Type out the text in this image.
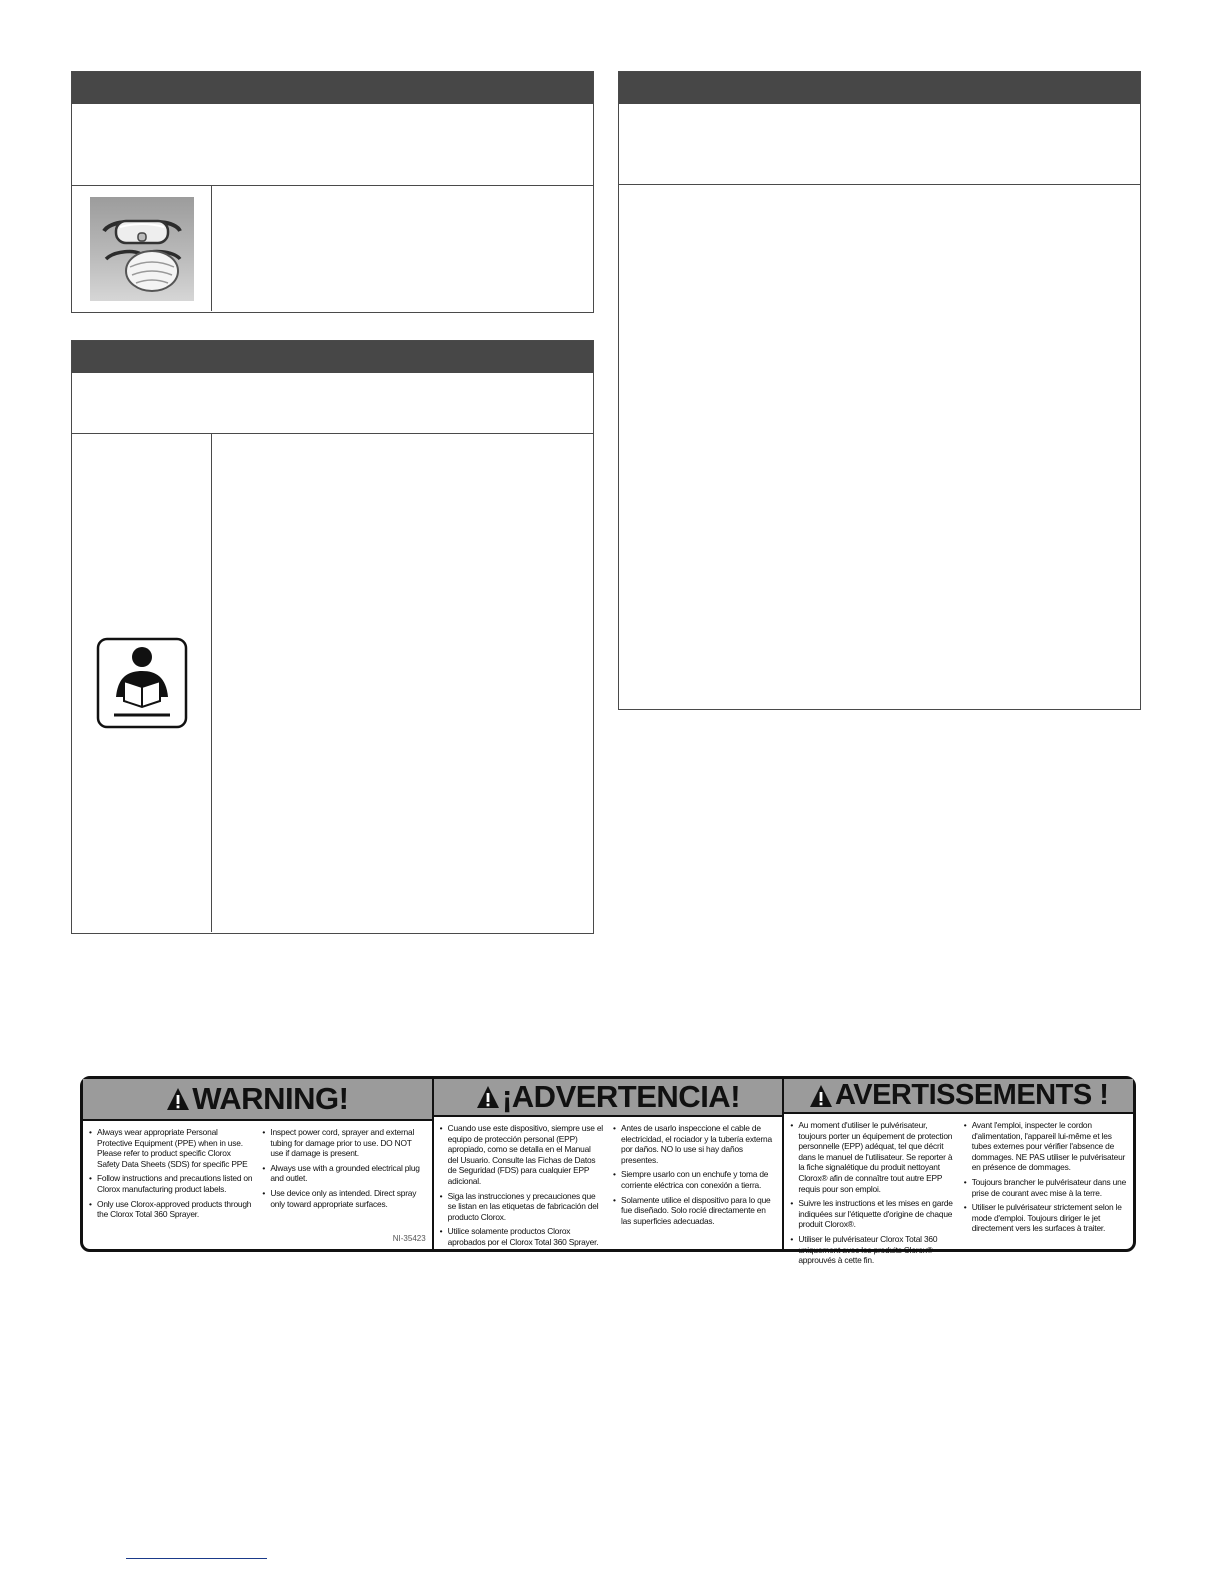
WARNING!
• Always wear appropriate Personal Protective Equipment (PPE) when in use. Please refer to product specific Clorox Safety Data Sheets (SDS) for specific PPE
• Follow instructions and precautions listed on Clorox manufacturing product labels.
• Only use Clorox-approved products through the Clorox Total 360 Sprayer.
• Inspect power cord, sprayer and external tubing for damage prior to use. DO NOT use if damage is present.
• Always use with a grounded electrical plug and outlet.
• Use device only as intended. Direct spray only toward appropriate surfaces.
NI-35423
¡ADVERTENCIA!
• Cuando use este dispositivo, siempre use el equipo de protección personal (EPP) apropiado, como se detalla en el Manual del Usuario. Consulte las Fichas de Datos de Seguridad (FDS) para cualquier EPP adicional.
• Siga las instrucciones y precauciones que se listan en las etiquetas de fabricación del producto Clorox.
• Utilice solamente productos Clorox aprobados por el Clorox Total 360 Sprayer.
• Antes de usarlo inspeccione el cable de electricidad, el rociador y la tubería externa por daños. NO lo use si hay daños presentes.
• Siempre usarlo con un enchufe y toma de corriente eléctrica con conexión a tierra.
• Solamente utilice el dispositivo para lo que fue diseñado. Solo rocíé directamente en las superficies adecuadas.
AVERTISSEMENTS !
• Au moment d'utiliser le pulvérisateur, toujours porter un équipement de protection personnelle (EPP) adéquat, tel que décrit dans le manuel de l'utilisateur. Se reporter à la fiche signalétique du produit nettoyant Clorox® afin de connaître tout autre EPP requis pour son emploi.
• Suivre les instructions et les mises en garde indiquées sur l'étiquette d'origine de chaque produit Clorox®.
• Utiliser le pulvérisateur Clorox Total 360 uniquement avec les produits Clorox® approuvés à cette fin.
• Avant l'emploi, inspecter le cordon d'alimentation, l'appareil lui-même et les tubes externes pour vérifier l'absence de dommages. NE PAS utiliser le pulvérisateur en présence de dommages.
• Toujours brancher le pulvérisateur dans une prise de courant avec mise à la terre.
• Utiliser le pulvérisateur strictement selon le mode d'emploi. Toujours diriger le jet directement vers les surfaces à traiter.
